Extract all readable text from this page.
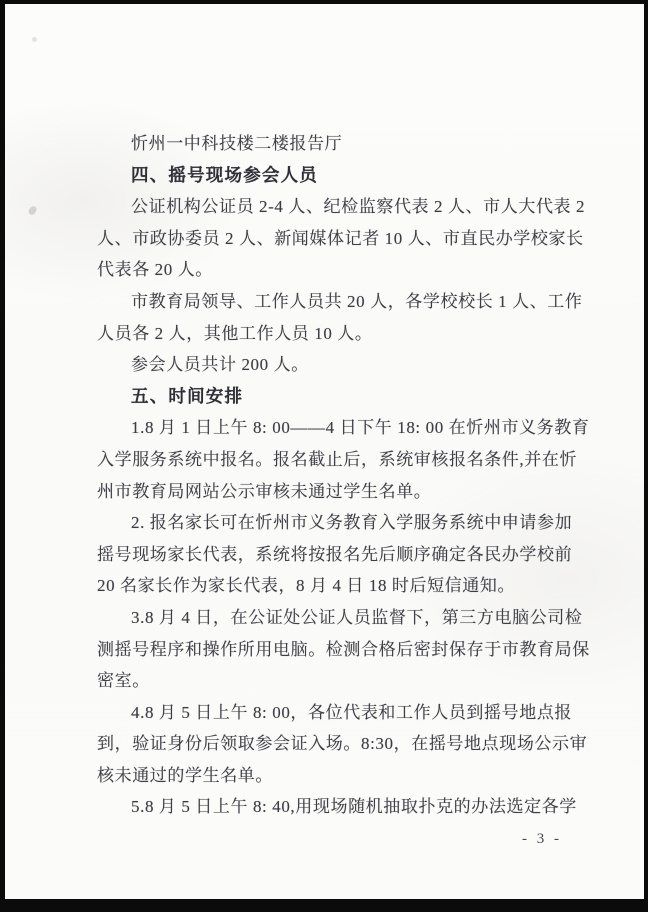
忻州一中科技楼二楼报告厅

四、摇号现场参会人员

公证机构公证员 2-4 人、纪检监察代表 2 人、市人大代表 2

人、市政协委员 2 人、新闻媒体记者 10 人、市直民办学校家长

代表各 20 人。

市教育局领导、工作人员共 20 人，各学校校长 1 人、工作

人员各 2 人，其他工作人员 10 人。

参会人员共计 200 人。

五、时间安排

1.8 月 1 日上午 8: 00——4 日下午 18: 00 在忻州市义务教育

入学服务系统中报名。报名截止后，系统审核报名条件,并在忻

州市教育局网站公示审核未通过学生名单。

2. 报名家长可在忻州市义务教育入学服务系统中申请参加

摇号现场家长代表，系统将按报名先后顺序确定各民办学校前

20 名家长作为家长代表，8 月 4 日 18 时后短信通知。

3.8 月 4 日，在公证处公证人员监督下，第三方电脑公司检

测摇号程序和操作所用电脑。检测合格后密封保存于市教育局保

密室。

4.8 月 5 日上午 8: 00，各位代表和工作人员到摇号地点报

到，验证身份后领取参会证入场。8:30，在摇号地点现场公示审

核未通过的学生名单。

5.8 月 5 日上午 8: 40,用现场随机抽取扑克的办法选定各学

- 3 -
